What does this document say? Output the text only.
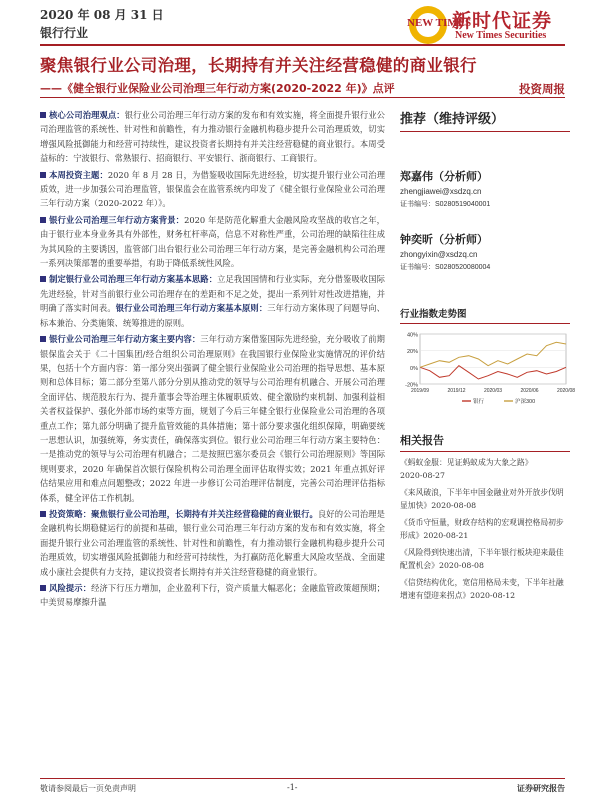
2020 年 08 月 31 日
银行行业
NEW TIMES
新时代证券
New Times Securities
聚焦银行业公司治理，长期持有并关注经营稳健的商业银行
——《健全银行业保险业公司治理三年行动方案(2020-2022 年)》点评	投资周报

核心公司治理观点：银行业公司治理三年行动方案的发布和有效实施，将全面提升银行业公司治理监管的系统性、针对性和前瞻性，有力推动银行金融机构稳步提升公司治理质效，切实增强风险抵御能力和经营可持续性，建议投资者长期持有并关注经营稳健的商业银行。本周受益标的：宁波银行、常熟银行、招商银行、平安银行、浙商银行、工商银行。

本周投资主题：2020 年 8 月 28 日，为借鉴吸收国际先进经验，切实提升银行业公司治理质效，进一步加强公司治理监管，银保监会在监管系统内印发了《健全银行业保险业公司治理三年行动方案（2020-2022 年）》。

银行业公司治理三年行动方案背景：2020 年是防范化解重大金融风险攻坚战的收官之年，由于银行业本身业务具有外部性，财务杠杆率高，信息不对称性严重，公司治理的缺陷往往成为其风险的主要诱因，监管部门出台银行业公司治理三年行动方案，是完善金融机构公司治理一系列决策部署的重要举措，有助于降低系统性风险。

制定银行业公司治理三年行动方案基本思路：立足我国国情和行业实际，充分借鉴吸收国际先进经验，针对当前银行业公司治理存在的差距和不足之处，提出一系列针对性改进措施，并明确了落实时间表。银行业公司治理三年行动方案基本原则：三年行动方案体现了问题导向、标本兼治、分类施策、统筹推进的原则。

银行业公司治理三年行动方案主要内容：三年行动方案借鉴国际先进经验，充分吸收了前期银保监会关于《二十国集团/经合组织公司治理原则》在我国银行业保险业实施情况的评价结果，包括十个方面内容：第一部分突出强调了健全银行业保险业公司治理的指导思想、基本原则和总体目标；第二部分至第八部分分别从推动党的领导与公司治理有机融合、开展公司治理全面评估、规范股东行为、提升董事会等治理主体履职质效、健全激励约束机制、加强利益相关者权益保护、强化外部市场约束等方面，规划了今后三年健全银行业保险业公司治理的各项重点工作；第九部分明确了提升监管效能的具体措施；第十部分要求强化组织保障，明确要统一思想认识，加强统筹，务实责任，确保落实到位。银行业公司治理三年行动方案主要特色：一是推动党的领导与公司治理有机融合；二是按照巴塞尔委员会《银行公司治理原则》等国际规则要求，2020 年确保首次银行保险机构公司治理全面评估取得实效；2021 年重点抓好评估结果应用和难点问题整改；2022 年进一步修订公司治理评估制度，完善公司治理评估指标体系，健全评估工作机制。

投资策略：聚焦银行业公司治理，长期持有并关注经营稳健的商业银行。良好的公司治理是金融机构长期稳健运行的前提和基础，银行业公司治理三年行动方案的发布和有效实施，将全面提升银行业公司治理监管的系统性、针对性和前瞻性，有力推动银行金融机构稳步提升公司治理质效，切实增强风险抵御能力和经营可持续性，为打赢防范化解重大风险攻坚战、全面建成小康社会提供有力支持，建议投资者长期持有并关注经营稳健的商业银行。

风险提示：经济下行压力增加，企业盈利下行，资产质量大幅恶化；金融监管政策超预期；中美贸易摩擦升温

推荐（维持评级）
郑嘉伟（分析师）
zhengjiawei@xsdzq.cn
证书编号：S0280519040001
钟奕昕（分析师）
zhongyixin@xsdzq.cn
证书编号：S0280520080004
行业指数走势图
40%
20%
0%
-20%
2019/09	2019/12	2020/03	2020/06	2020/08
银行	沪深300
相关报告
《蚂蚁金服：见证蚂蚁成为大象之路》
2020-08-27
《来风破浪，下半年中国金融业对外开放步伐明显加快》2020-08-08
《货币守恒量，财政存结构的宏观调控格局初步形成》2020-08-21
《风险得到快速出清，下半年银行板块迎来最佳配置机会》2020-08-08
《信贷结构优化，宽信用格局未变，下半年社融增速有望迎来拐点》2020-08-12
敬请参阅最后一页免责声明	-1-	证券研究报告
